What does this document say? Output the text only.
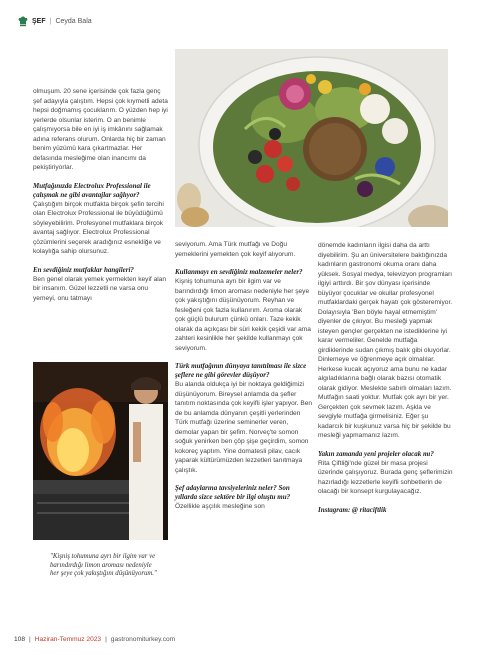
ŞEF | Ceyda Bala

olmuşum. 20 sene içerisinde çok fazla genç şef adayıyla çalıştım. Hepsi çok kıymetli adeta hepsi doğmamış çocuklarım. O yüzden hep iyi yerlerde olsunlar isterim. O an benimle çalışmıyorsa bile en iyi iş imkânını sağlamak adına referans olurum. Onlarda hiç bir zaman benim yüzümü kara çıkartmazlar. Her defasında mesleğime olan inancımı da pekiştiriyorlar.

Mutfağınızda Electrolux Professional ile çalışmak ne gibi avantajlar sağlıyor?

Çalıştığım birçok mutfakta birçok şefin tercihi olan Electrolux Professional ile büyüdüğümü söyleyebilirim. Profesyonel mutfaklara birçok avantaj sağlıyor. Electrolux Professional çözümlerini seçerek aradığınız esnekliğe ve kolaylığa sahip olursunuz.

En sevdiğiniz mutfaklar hangileri?

Ben genel olarak yemek yermekten keyif alan bir insanım. Güzel lezzetli ne varsa onu yemeyi, onu tatmayı

seviyorum. Ama Türk mutfağı ve Doğu yemeklerini yemekten çok keyif alıyorum.

Kullanmayı en sevdiğiniz malzemeler neler?

Kişniş tohumuna ayrı bir ilgim var ve barındırdığı limon aroması nedeniyle her şeye çok yakıştığını düşünüyorum. Reyhan ve fesleğeni çok fazla kullanırım. Aroma olarak çok güçlü bulurum çünkü onları. Taze kekik olarak da açıkçası bir süri kekik çeşidi var ama zahteri kesinlikle her şekilde kullanmayı çok seviyorum.

Türk mutfağının dünyaya tanıtılması ile sizce şeflere ne gibi görevler düşüyor?

Bu alanda oldukça iyi bir noktaya geldiğimizi düşünüyorum. Bireysel anlamda da şefler tanıtım noktasında çok keyifli işler yapıyor. Ben de bu anlamda dünyanın çeşitli yerlerinden Türk mutfağı üzerine seminerler veren, demolar yapan bir şefim. Norveç'te somon soğuk yenirken ben çöp şişe geçirdim, somon kokoreç yaptım. Yine domatesli pilav, cacık yaparak kültürümüzden lezzetleri tanıtmaya çalıştık.

Şef adaylarına tavsiyeleriniz neler? Son yıllarda sizce sektöre bir ilgi oluştu mu?

Özellikle aşçılık mesleğine son

dönemde kadınların ilgisi daha da arttı diyebilirim. Şu an üniversitelere baktığınızda kadınların gastronomi okuma oranı daha yüksek. Sosyal medya, televizyon programları ilgiyi arttırdı. Bir şov dünyası içerisinde büyüyor çocuklar ve okullar profesyonel mutfaklardaki gerçek hayatı çok gösteremiyor. Dolayısıyla 'Ben böyle hayal etmemiştim' diyenler de çıkıyor. Bu mesleği yapmak isteyen gençler gerçekten ne istediklerine iyi karar vermeliler. Genelde mutfağa girdiklerinde sudan çıkmış balık gibi oluyorlar. Dinlemeye ve öğrenmeye açık olmalılar. Herkese kucak açıyoruz ama bunu ne kadar algıladıklarına bağlı olarak bazısı otomatik olarak gidiyor. Meslekte sabırlı olmaları lazım. Mutfağın saati yoktur. Mutfak çok ayrı bir yer. Gerçekten çok sevmek lazım. Aşkla ve sevgiyle mutfağa girmelisiniz. Eğer şu kadarcık bir kuşkunuz varsa hiç bir şekilde bu mesleği yapmamanız lazım.

Yakın zamanda yeni projeler olacak mı?

Rita Çiftliği'nde güzel bir masa projesi üzerinde çalışıyoruz. Burada genç şeflerimizin hazırladığı lezzetlerle keyifli sohbetlerin de olacağı bir konsept kurgulayacağız.

Instagram: @ ritaciftlik

"Kişniş tohumuna ayrı bir ilgim var ve barındırdığı limon aroması nedeniyle her şeye çok yakıştığını düşünüyorum."
108 | Haziran-Temmuz 2023 | gastronomiturkey.com
